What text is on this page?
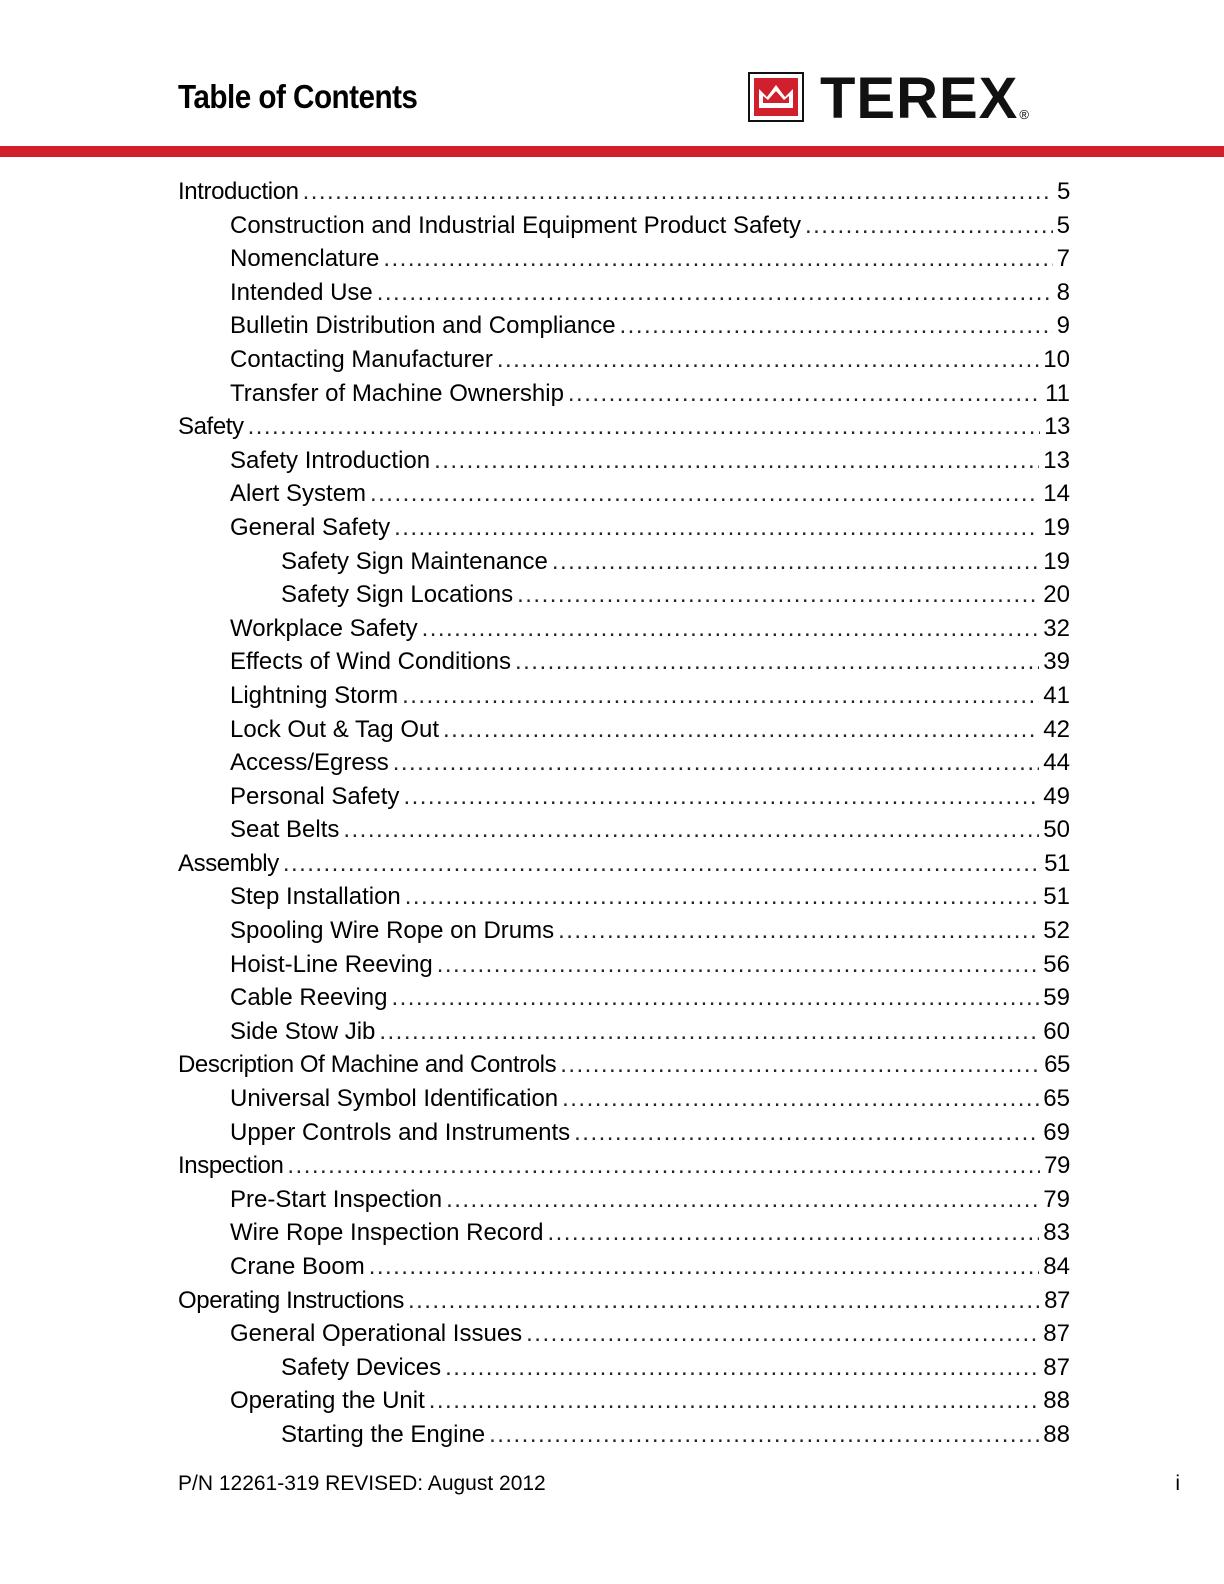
Table of Contents	TEREX ®
Introduction . . .	5
Construction and Industrial Equipment Product Safety . . .	5
Nomenclature . . .	7
Intended Use . . .	8
Bulletin Distribution and Compliance . . .	9
Contacting Manufacturer . . .	10
Transfer of Machine Ownership . . .	11
Safety . . .	13
Safety Introduction . . .	13
Alert System . . .	14
General Safety . . .	19
Safety Sign Maintenance . . .	19
Safety Sign Locations . . .	20
Workplace Safety . . .	32
Effects of Wind Conditions . . .	39
Lightning Storm . . .	41
Lock Out & Tag Out . . .	42
Access/Egress . . .	44
Personal Safety . . .	49
Seat Belts . . .	50
Assembly . . .	51
Step Installation . . .	51
Spooling Wire Rope on Drums . . .	52
Hoist-Line Reeving . . .	56
Cable Reeving . . .	59
Side Stow Jib . . .	60
Description Of Machine and Controls . . .	65
Universal Symbol Identification . . .	65
Upper Controls and Instruments . . .	69
Inspection . . .	79
Pre-Start Inspection . . .	79
Wire Rope Inspection Record . . .	83
Crane Boom . . .	84
Operating Instructions . . .	87
General Operational Issues . . .	87
Safety Devices . . .	87
Operating the Unit . . .	88
Starting the Engine . . .	88
P/N 12261-319 REVISED: August 2012	i
